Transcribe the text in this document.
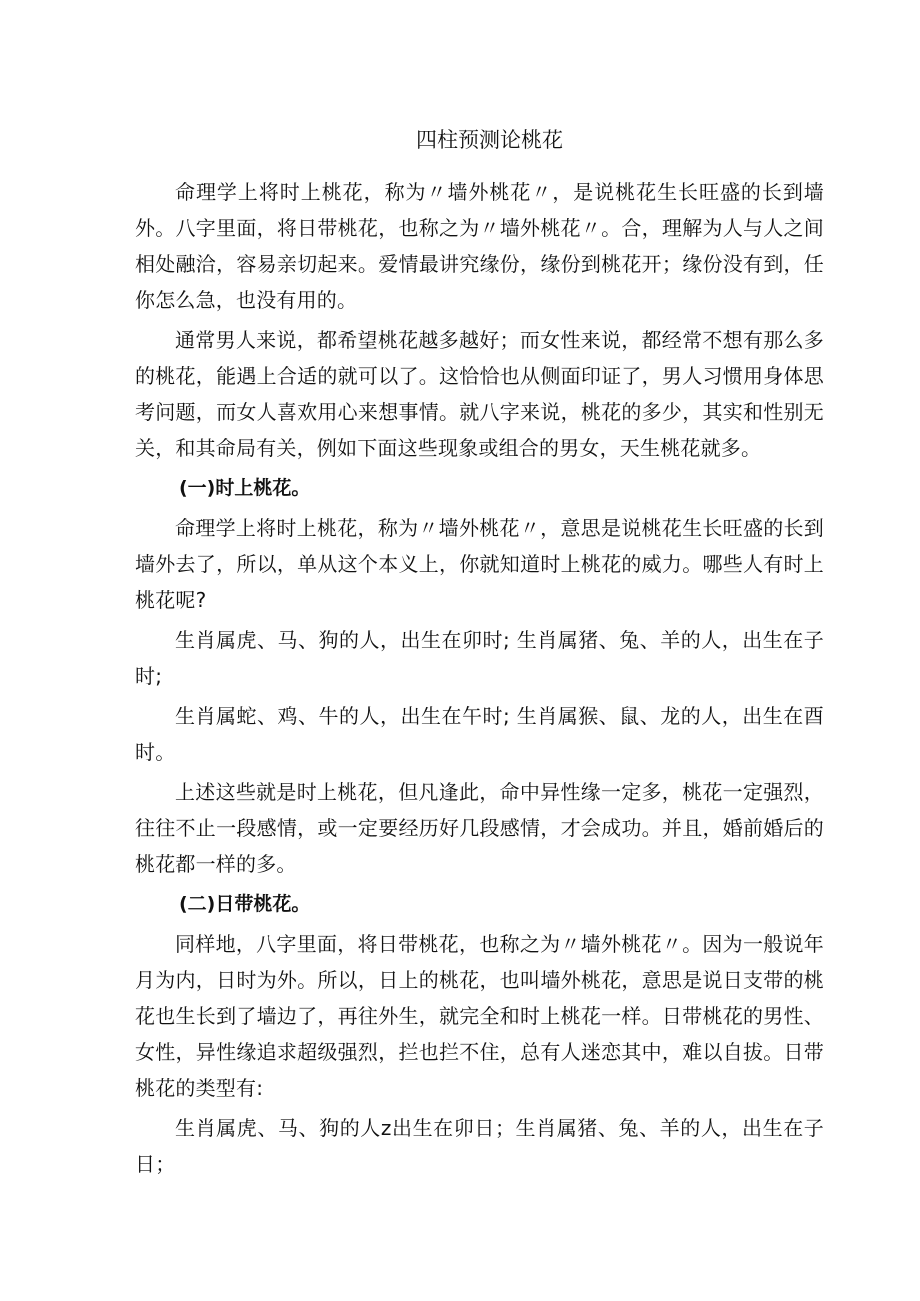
四柱预测论桃花

命理学上将时上桃花，称为〃墙外桃花〃，是说桃花生长旺盛的长到墙外。八字里面，将日带桃花，也称之为〃墙外桃花〃。合，理解为人与人之间相处融洽，容易亲切起来。爱情最讲究缘份，缘份到桃花开；缘份没有到，任你怎么急，也没有用的。

通常男人来说，都希望桃花越多越好；而女性来说，都经常不想有那么多的桃花，能遇上合适的就可以了。这恰恰也从侧面印证了，男人习惯用身体思考问题，而女人喜欢用心来想事情。就八字来说，桃花的多少，其实和性别无关，和其命局有关，例如下面这些现象或组合的男女，天生桃花就多。

(一)时上桃花。

命理学上将时上桃花，称为〃墙外桃花〃，意思是说桃花生长旺盛的长到墙外去了，所以，单从这个本义上，你就知道时上桃花的威力。哪些人有时上桃花呢?

生肖属虎、马、狗的人，出生在卯时; 生肖属猪、兔、羊的人，出生在子时;

生肖属蛇、鸡、牛的人，出生在午时; 生肖属猴、鼠、龙的人，出生在酉时。

上述这些就是时上桃花，但凡逢此，命中异性缘一定多，桃花一定强烈，往往不止一段感情，或一定要经历好几段感情，才会成功。并且，婚前婚后的桃花都一样的多。

(二)日带桃花。

同样地，八字里面，将日带桃花，也称之为〃墙外桃花〃。因为一般说年月为内，日时为外。所以，日上的桃花，也叫墙外桃花，意思是说日支带的桃花也生长到了墙边了，再往外生，就完全和时上桃花一样。日带桃花的男性、女性，异性缘追求超级强烈，拦也拦不住，总有人迷恋其中，难以自拔。日带桃花的类型有:

生肖属虎、马、狗的人z出生在卯日；生肖属猪、兔、羊的人，出生在子日；
